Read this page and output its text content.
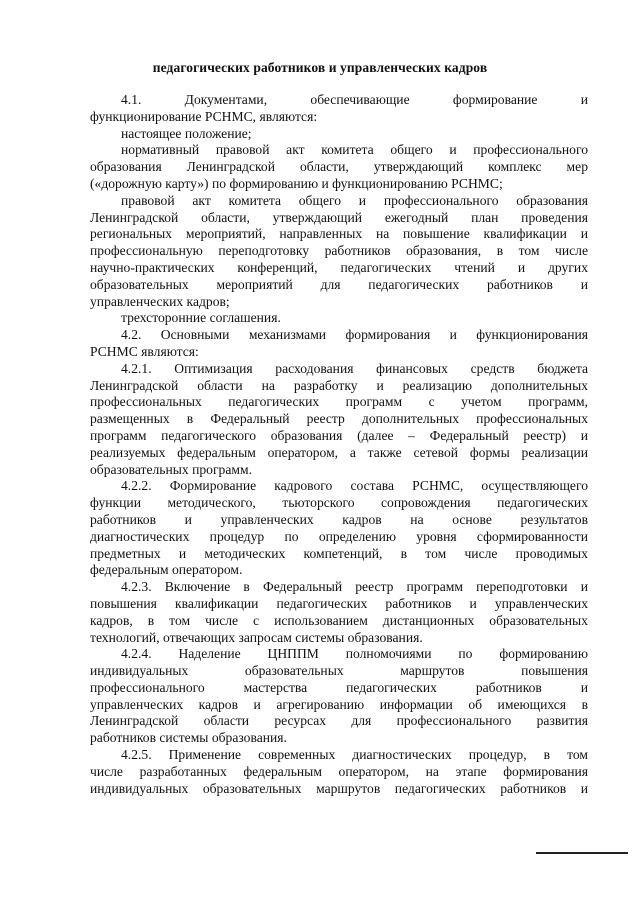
педагогических работников и управленческих кадров
4.1. Документами, обеспечивающие формирование и
функционирование РСНМС, являются:
настоящее положение;
нормативный правовой акт комитета общего и профессионального
образования Ленинградской области, утверждающий комплекс мер
(«дорожную карту») по формированию и функционированию РСНМС;
правовой акт комитета общего и профессионального образования
Ленинградской области, утверждающий ежегодный план проведения
региональных мероприятий, направленных на повышение квалификации и
профессиональную переподготовку работников образования, в том числе
научно-практических конференций, педагогических чтений и других
образовательных мероприятий для педагогических работников и
управленческих кадров;
трехсторонние соглашения.
4.2. Основными механизмами формирования и функционирования
РСНМС являются:
4.2.1. Оптимизация расходования финансовых средств бюджета
Ленинградской области на разработку и реализацию дополнительных
профессиональных педагогических программ с учетом программ,
размещенных в Федеральный реестр дополнительных профессиональных
программ педагогического образования (далее – Федеральный реестр) и
реализуемых федеральным оператором, а также сетевой формы реализации
образовательных программ.
4.2.2. Формирование кадрового состава РСНМС, осуществляющего
функции методического, тьюторского сопровождения педагогических
работников и управленческих кадров на основе результатов
диагностических процедур по определению уровня сформированности
предметных и методических компетенций, в том числе проводимых
федеральным оператором.
4.2.3. Включение в Федеральный реестр программ переподготовки и
повышения квалификации педагогических работников и управленческих
кадров, в том числе с использованием дистанционных образовательных
технологий, отвечающих запросам системы образования.
4.2.4. Наделение ЦНППМ полномочиями по формированию
индивидуальных образовательных маршрутов повышения
профессионального мастерства педагогических работников и
управленческих кадров и агрегированию информации об имеющихся в
Ленинградской области ресурсах для профессионального развития
работников системы образования.
4.2.5. Применение современных диагностических процедур, в том
числе разработанных федеральным оператором, на этапе формирования
индивидуальных образовательных маршрутов педагогических работников и
